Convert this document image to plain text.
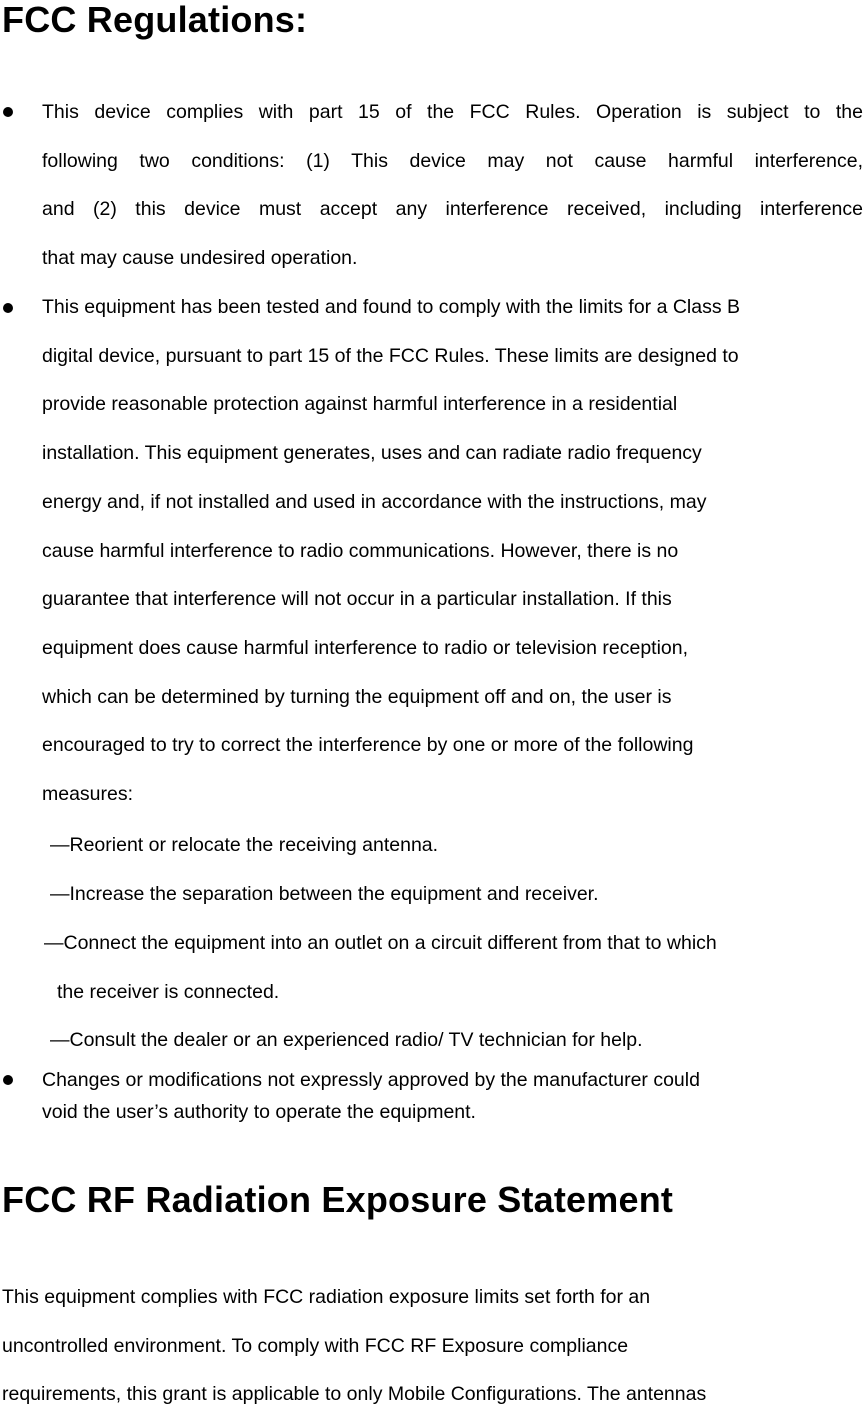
FCC Regulations:
This device complies with part 15 of the FCC Rules. Operation is subject to the
following two conditions: (1) This device may not cause harmful interference,
and (2) this device must accept any interference received, including interference
that may cause undesired operation.
This equipment has been tested and found to comply with the limits for a Class B
digital device, pursuant to part 15 of the FCC Rules. These limits are designed to
provide reasonable protection against harmful interference in a residential
installation. This equipment generates, uses and can radiate radio frequency
energy and, if not installed and used in accordance with the instructions, may
cause harmful interference to radio communications. However, there is no
guarantee that interference will not occur in a particular installation. If this
equipment does cause harmful interference to radio or television reception,
which can be determined by turning the equipment off and on, the user is
encouraged to try to correct the interference by one or more of the following
measures:

—Reorient or relocate the receiving antenna.

—Increase the separation between the equipment and receiver.

—Connect the equipment into an outlet on a circuit different from that to which

the receiver is connected.

—Consult the dealer or an experienced radio/ TV technician for help.

Changes or modifications not expressly approved by the manufacturer could
void the user’s authority to operate the equipment.
FCC RF Radiation Exposure Statement
This equipment complies with FCC radiation exposure limits set forth for an
uncontrolled environment. To comply with FCC RF Exposure compliance
requirements, this grant is applicable to only Mobile Configurations. The antennas
